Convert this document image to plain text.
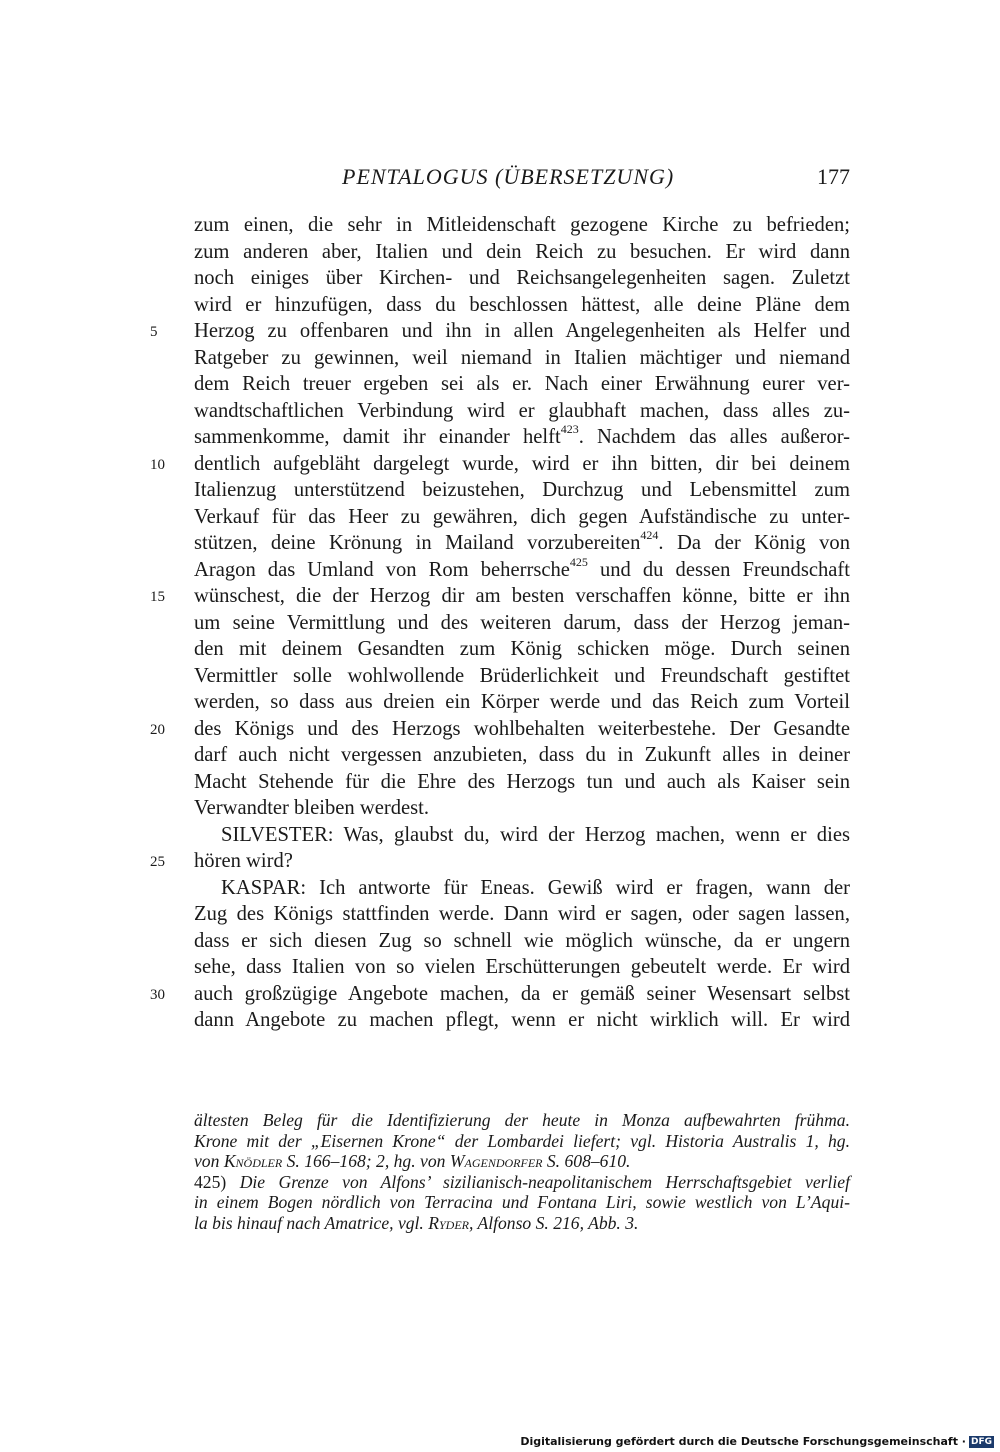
PENTALOGUS (ÜBERSETZUNG)	177
zum einen, die sehr in Mitleidenschaft gezogene Kirche zu befrieden;
zum anderen aber, Italien und dein Reich zu besuchen. Er wird dann
noch einiges über Kirchen- und Reichsangelegenheiten sagen. Zuletzt
wird er hinzufügen, dass du beschlossen hättest, alle deine Pläne dem
5	Herzog zu offenbaren und ihn in allen Angelegenheiten als Helfer und
Ratgeber zu gewinnen, weil niemand in Italien mächtiger und niemand
dem Reich treuer ergeben sei als er. Nach einer Erwähnung eurer ver-
wandtschaftlichen Verbindung wird er glaubhaft machen, dass alles zu-
sammenkomme, damit ihr einander helft$^{423}$. Nachdem das alles außeror-
10 dentlich aufgebläht dargelegt wurde, wird er ihn bitten, dir bei deinem
Italienzug unterstützend beizustehen, Durchzug und Lebensmittel zum
Verkauf für das Heer zu gewähren, dich gegen Aufständische zu unter-
stützen, deine Krönung in Mailand vorzubereiten$^{424}$. Da der König von
Aragon das Umland von Rom beherrsche$^{425}$ und du dessen Freundschaft
15 wünschest, die der Herzog dir am besten verschaffen könne, bitte er ihn
um seine Vermittlung und des weiteren darum, dass der Herzog jeman-
den mit deinem Gesandten zum König schicken möge. Durch seinen
Vermittler solle wohlwollende Brüderlichkeit und Freundschaft gestiftet
werden, so dass aus dreien ein Körper werde und das Reich zum Vorteil
20 des Königs und des Herzogs wohlbehalten weiterbestehe. Der Gesandte
darf auch nicht vergessen anzubieten, dass du in Zukunft alles in deiner
Macht Stehende für die Ehre des Herzogs tun und auch als Kaiser sein
Verwandter bleiben werdest.
SILVESTER: Was, glaubst du, wird der Herzog machen, wenn er dies
25 hören wird?
KASPAR: Ich antworte für Eneas. Gewiß wird er fragen, wann der
Zug des Königs stattfinden werde. Dann wird er sagen, oder sagen lassen,
dass er sich diesen Zug so schnell wie möglich wünsche, da er ungern
sehe, dass Italien von so vielen Erschütterungen gebeutelt werde. Er wird
30 auch großzügige Angebote machen, da er gemäß seiner Wesensart selbst
dann Angebote zu machen pflegt, wenn er nicht wirklich will. Er wird
ältesten Beleg für die Identifizierung der heute in Monza aufbewahrten frühma.
Krone mit der „Eisernen Krone“ der Lombardei liefert; vgl. Historia Australis 1, hg.
von Knödler S. 166–168; 2, hg. von Wagendorfer S. 608–610.
425) Die Grenze von Alfons’ sizilianisch-neapolitanischem Herrschaftsgebiet verlief
in einem Bogen nördlich von Terracina und Fontana Liri, sowie westlich von L’Aqui-
la bis hinauf nach Amatrice, vgl. Ryder, Alfonso S. 216, Abb. 3.
Digitalisierung gefördert durch die Deutsche Forschungsgemeinschaft · DFG
